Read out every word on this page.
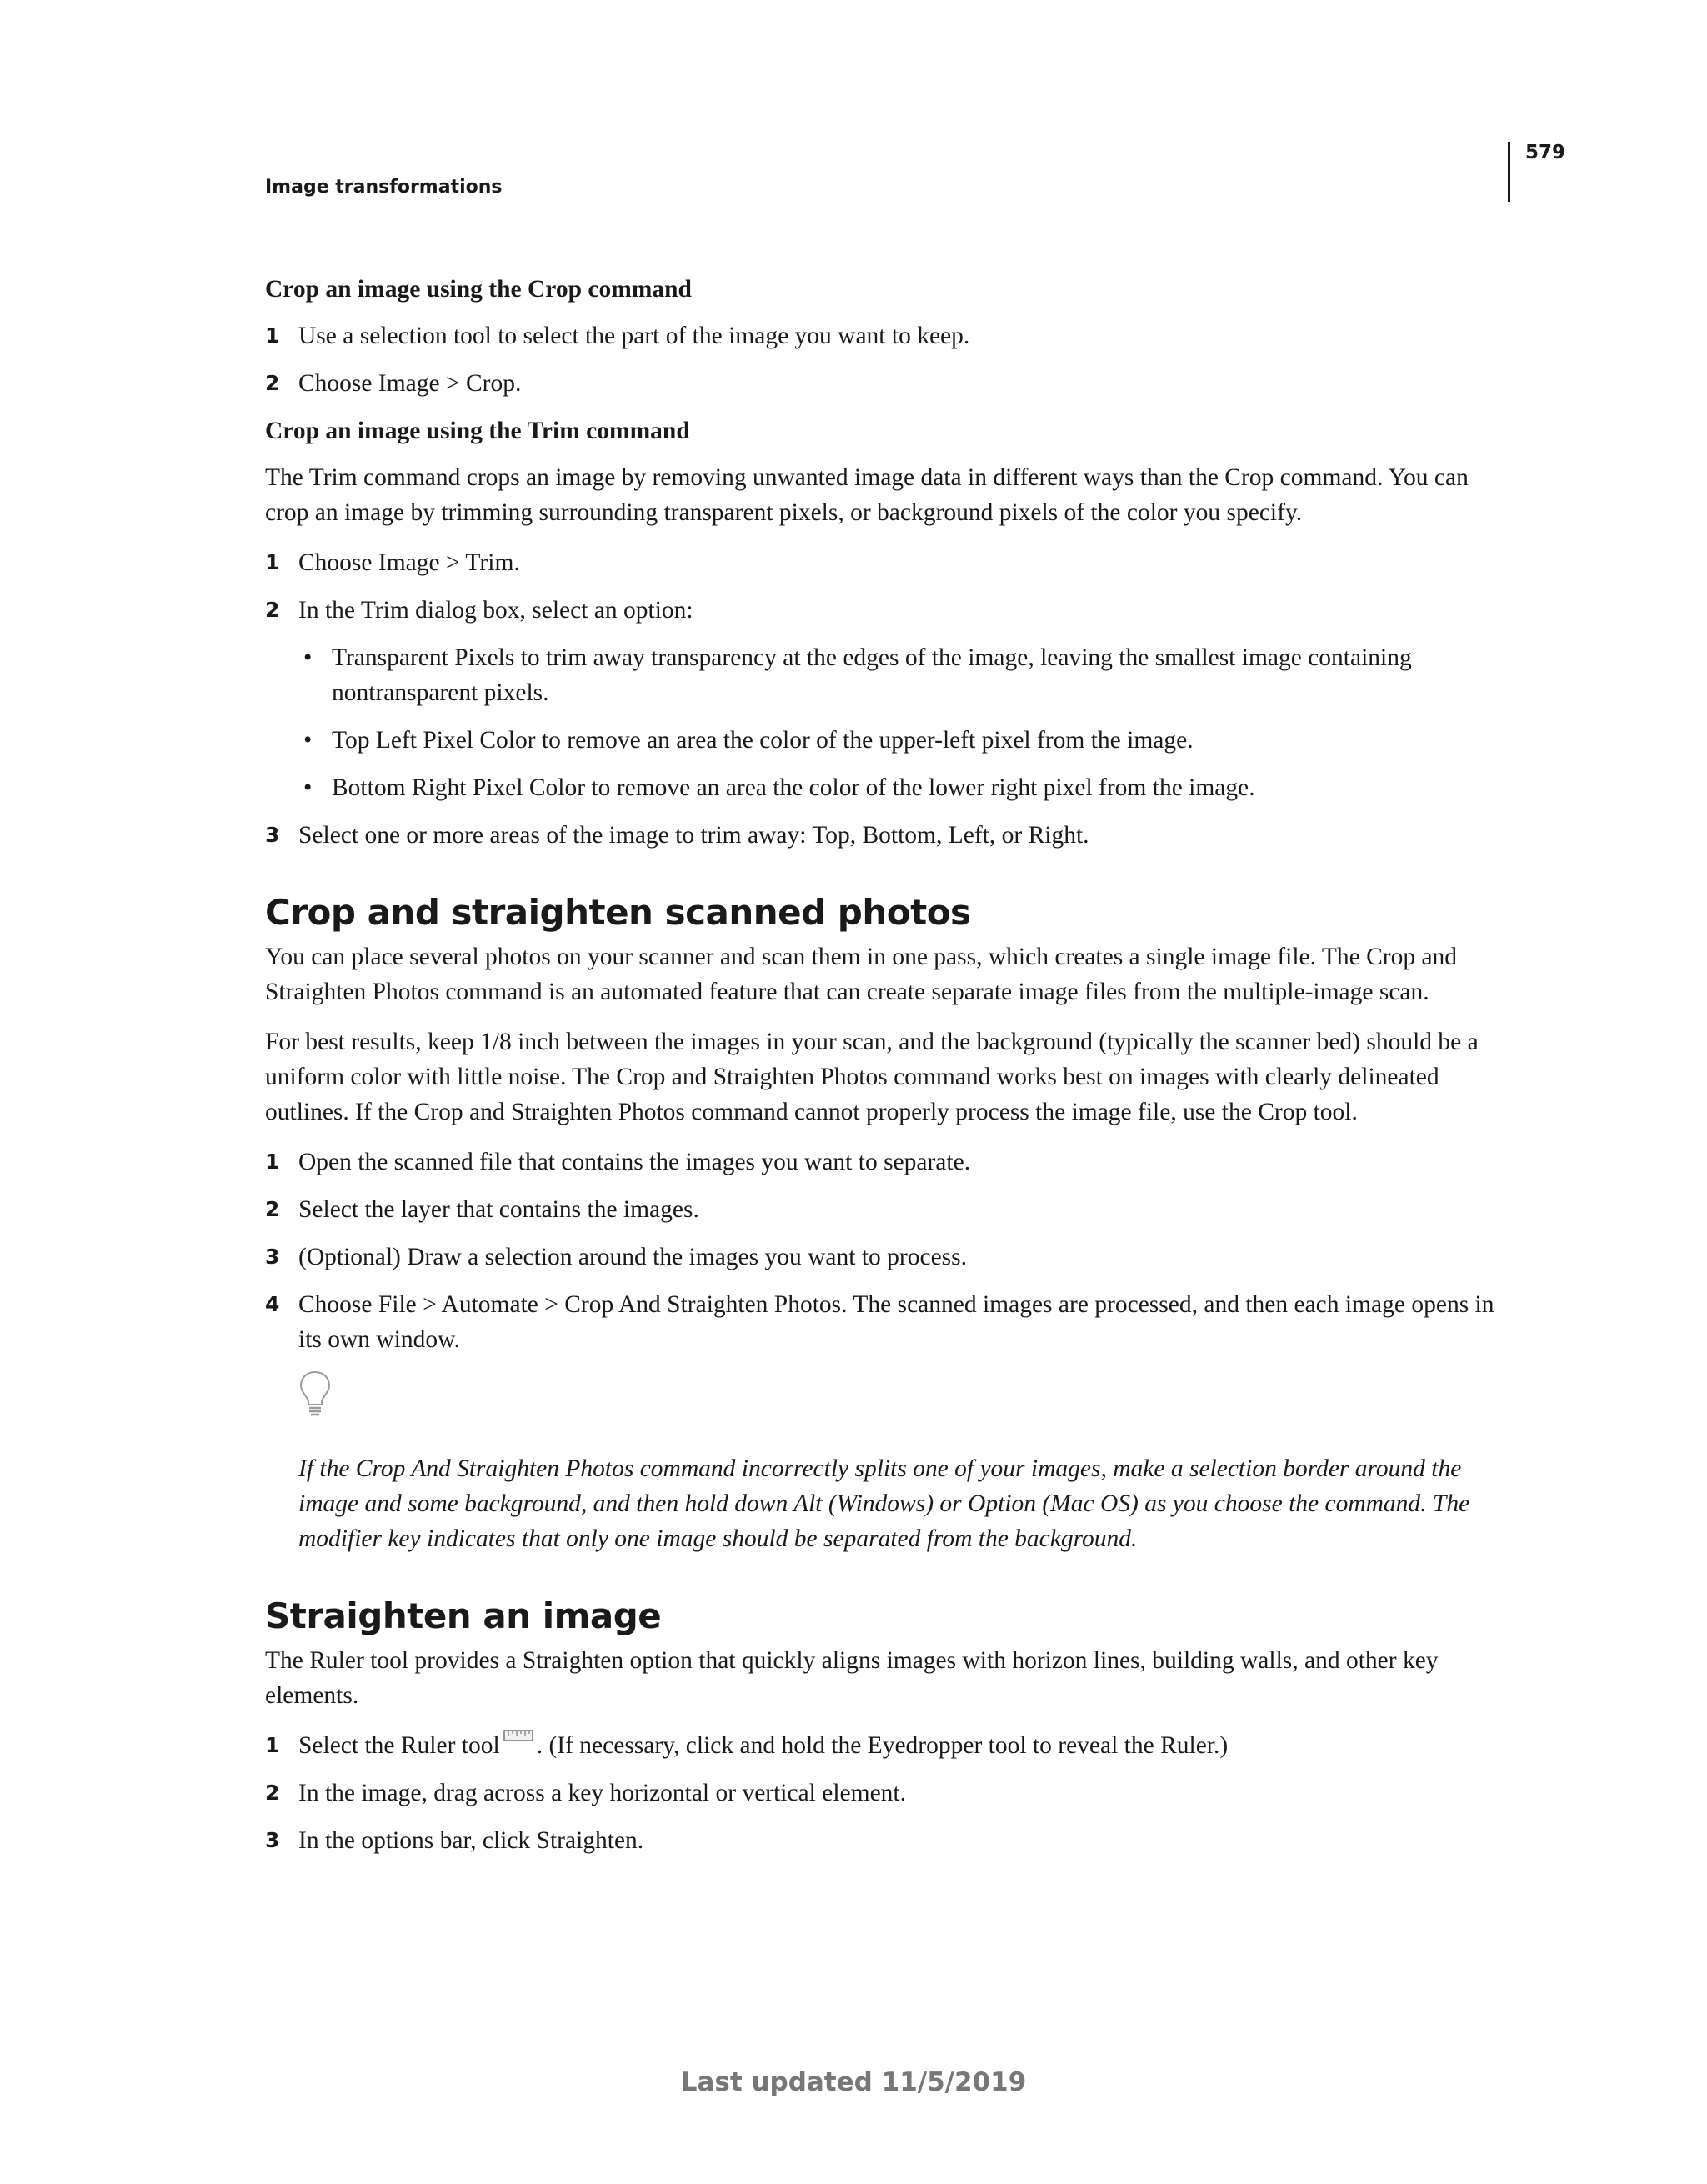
579
Image transformations
Crop an image using the Crop command
1 Use a selection tool to select the part of the image you want to keep.
2 Choose Image > Crop.
Crop an image using the Trim command

The Trim command crops an image by removing unwanted image data in different ways than the Crop command. You can crop an image by trimming surrounding transparent pixels, or background pixels of the color you specify.

1 Choose Image > Trim.
2 In the Trim dialog box, select an option:
• Transparent Pixels to trim away transparency at the edges of the image, leaving the smallest image containing nontransparent pixels.
• Top Left Pixel Color to remove an area the color of the upper-left pixel from the image.
• Bottom Right Pixel Color to remove an area the color of the lower right pixel from the image.
3 Select one or more areas of the image to trim away: Top, Bottom, Left, or Right.
Crop and straighten scanned photos

You can place several photos on your scanner and scan them in one pass, which creates a single image file. The Crop and Straighten Photos command is an automated feature that can create separate image files from the multiple-image scan.

For best results, keep 1/8 inch between the images in your scan, and the background (typically the scanner bed) should be a uniform color with little noise. The Crop and Straighten Photos command works best on images with clearly delineated outlines. If the Crop and Straighten Photos command cannot properly process the image file, use the Crop tool.

1 Open the scanned file that contains the images you want to separate.
2 Select the layer that contains the images.
3 (Optional) Draw a selection around the images you want to process.
4 Choose File > Automate > Crop And Straighten Photos. The scanned images are processed, and then each image opens in its own window.
If the Crop And Straighten Photos command incorrectly splits one of your images, make a selection border around the image and some background, and then hold down Alt (Windows) or Option (Mac OS) as you choose the command. The modifier key indicates that only one image should be separated from the background.
Straighten an image

The Ruler tool provides a Straighten option that quickly aligns images with horizon lines, building walls, and other key elements.

1 Select the Ruler tool . (If necessary, click and hold the Eyedropper tool to reveal the Ruler.)
2 In the image, drag across a key horizontal or vertical element.
3 In the options bar, click Straighten.
Last updated 11/5/2019
